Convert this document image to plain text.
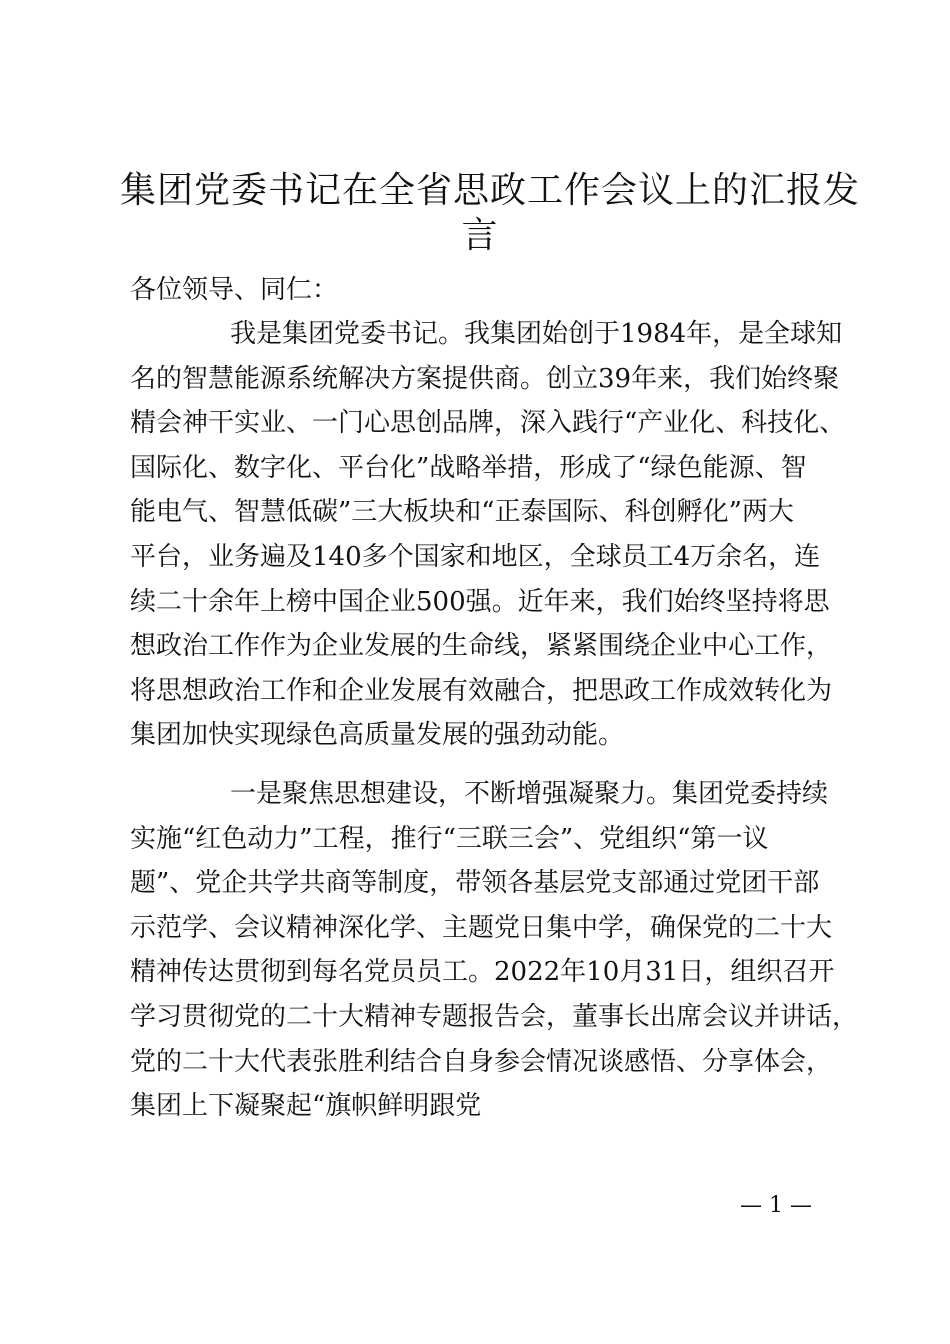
集团党委书记在全省思政工作会议上的汇报发
言
各位领导、同仁：
我是集团党委书记。我集团始创于1984年，是全球知
名的智慧能源系统解决方案提供商。创立39年来，我们始终聚
精会神干实业、一门心思创品牌，深入践行“产业化、科技化、
国际化、数字化、平台化”战略举措，形成了“绿色能源、智
能电气、智慧低碳”三大板块和“正泰国际、科创孵化”两大
平台，业务遍及140多个国家和地区，全球员工4万余名，连
续二十余年上榜中国企业500强。近年来，我们始终坚持将思
想政治工作作为企业发展的生命线，紧紧围绕企业中心工作，
将思想政治工作和企业发展有效融合，把思政工作成效转化为
集团加快实现绿色高质量发展的强劲动能。
一是聚焦思想建设，不断增强凝聚力。集团党委持续
实施“红色动力”工程，推行“三联三会”、党组织“第一议
题”、党企共学共商等制度，带领各基层党支部通过党团干部
示范学、会议精神深化学、主题党日集中学，确保党的二十大
精神传达贯彻到每名党员员工。2022年10月31日，组织召开
学习贯彻党的二十大精神专题报告会，董事长出席会议并讲话，
党的二十大代表张胜利结合自身参会情况谈感悟、分享体会，
集团上下凝聚起“旗帜鲜明跟党
— 1 —
